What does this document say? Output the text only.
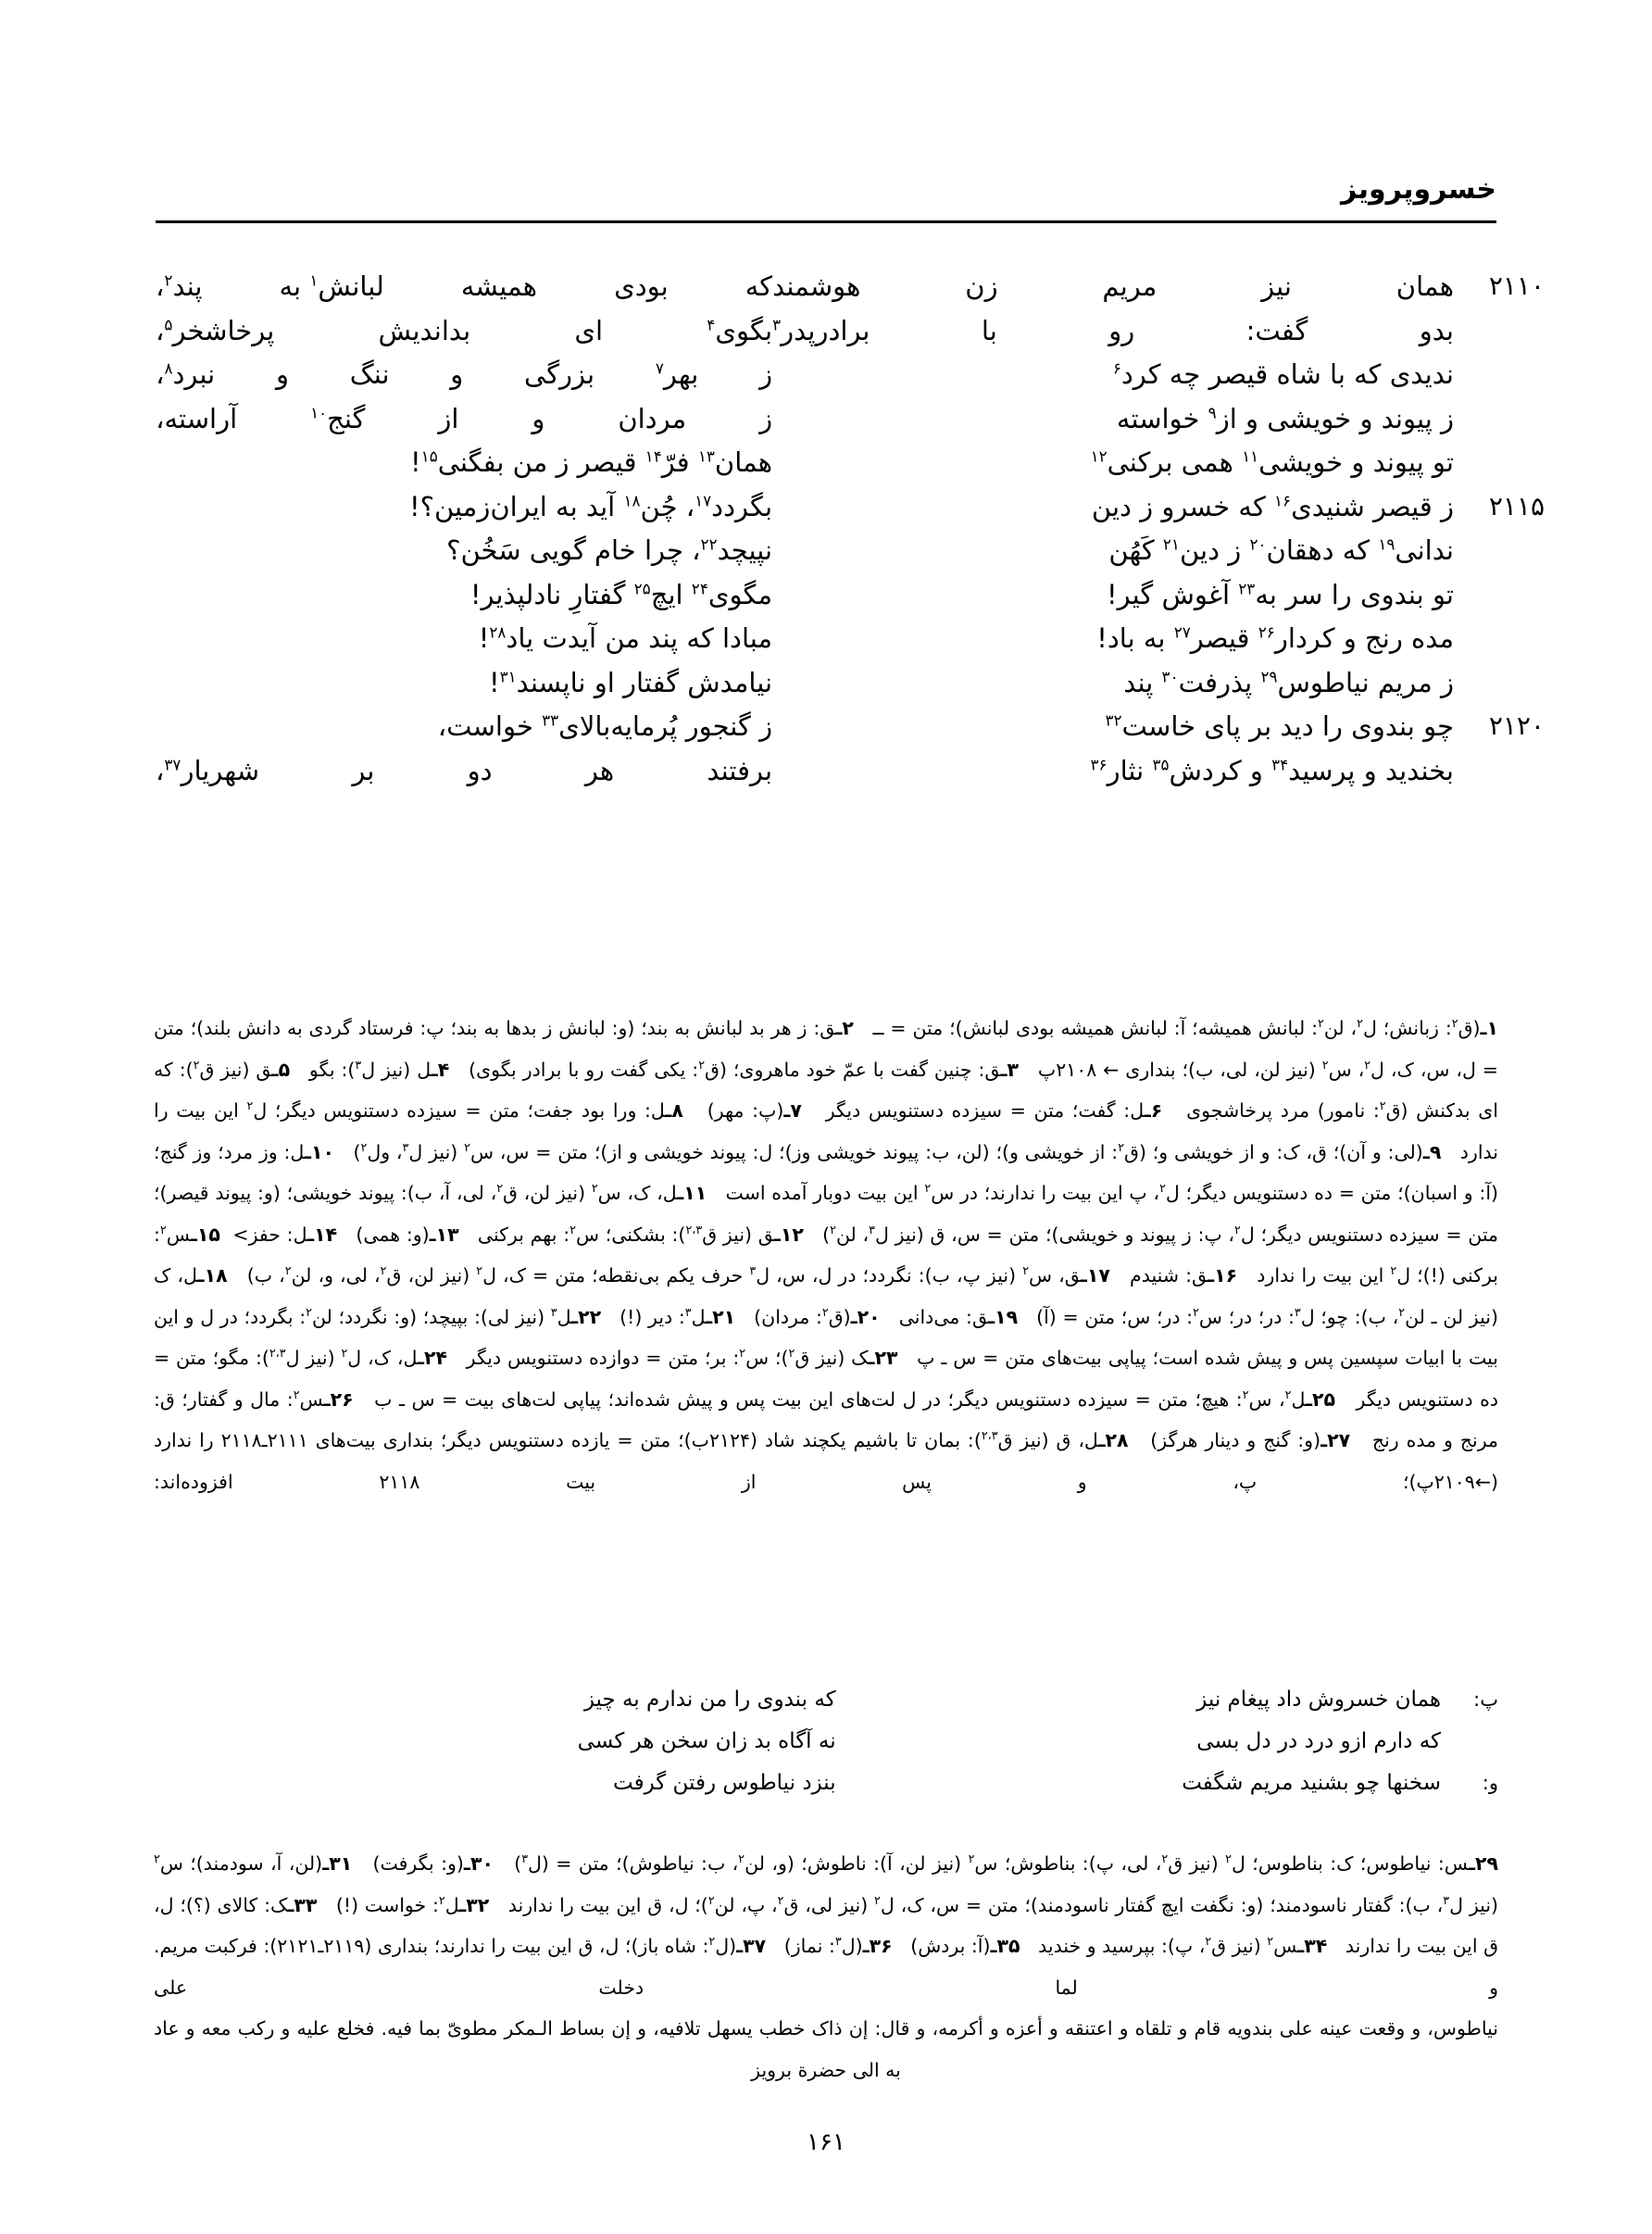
خسروپرویز
۲۱۱۰
همان
نیز
مریم
زن
هوشمند
که
بودی
همیشه
لبانش$^۱$ به
پند$^۲$،
بدو
گفت:
رو
با
برادرپدر$^۳$
بگوی$^۴$
ای
بداندیش
پرخاشخر$^۵$،
ندیدی که با شاه قیصر چه کرد$^۶$
ز
بهر$^۷$
بزرگی
و
ننگ
و
نبرد$^۸$،
ز پیوند و خویشی و از$^۹$ خواسته
ز
مردان
و
از
گنج$^{۱۰}$
آراسته،
تو پیوند و خویشی$^{۱۱}$ همی برکنی$^{۱۲}$
همان$^{۱۳}$ فرّ$^{۱۴}$ قیصر ز من بفگنی$^{۱۵}$!
۲۱۱۵
ز قیصر شنیدی$^{۱۶}$ که خسرو ز دین
بگردد$^{۱۷}$، چُن$^{۱۸}$ آید به ایران‌زمین؟!
ندانی$^{۱۹}$ که دهقان$^{۲۰}$ ز دین$^{۲۱}$ کَهُن
نپیچد$^{۲۲}$، چرا خام گویی سَخُن؟
تو بندوی را سر به$^{۲۳}$ آغوش گیر!
مگوی$^{۲۴}$ ایچ$^{۲۵}$ گفتارِ نادلپذیر!
مده رنج و کردار$^{۲۶}$ قیصر$^{۲۷}$ به باد!
مبادا که پند من آیدت یاد$^{۲۸}$!
ز مریم نیاطوس$^{۲۹}$ پذرفت$^{۳۰}$ پند
نیامدش گفتار او ناپسند$^{۳۱}$!
۲۱۲۰
چو بندوی را دید بر پای خاست$^{۳۲}$
ز گنجور پُرمایه‌بالای$^{۳۳}$ خواست،
بخندید و پرسید$^{۳۴}$ و کردش$^{۳۵}$ نثار$^{۳۶}$
برفتند
هر
دو
بر
شهریار$^{۳۷}$،

۱ـ(ق$^۲$: زبانش؛ ل$^۲$، لن$^۲$: لبانش همیشه؛ آ: لبانش همیشه بودی لبانش)؛ متن = ــ   ۲ـق: ز هر بد لبانش به بند؛ (و: لبانش ز بدها به بند؛ پ: فرستاد گردی به دانش بلند)؛ متن = ل، س، ک، ل$^۲$، س$^۲$ (نیز لن، لی، ب)؛ بنداری ← ۲۱۰۸پ   ۳ـق: چنین گفت با عمّ خود ماهروی؛ (ق$^۲$: یکی گفت رو با برادر بگوی)   ۴ـل (نیز ل$^۳$): بگو   ۵ـق (نیز ق$^۲$): که ای بدکنش (ق$^۲$: نامور) مرد پرخاشجوی   ۶ـل: گفت؛ متن = سیزده دستنویس دیگر   ۷ـ(پ: مهر)   ۸ـل: ورا بود جفت؛ متن = سیزده دستنویس دیگر؛ ل$^۲$ این بیت را ندارد   ۹ـ(لی: و آن)؛ ق، ک: و از خویشی و؛ (ق$^۲$: از خویشی و)؛ (لن، ب: پیوند خویشی وز)؛ ل: پیوند خویشی و از)؛ متن = س، س$^۲$ (نیز ل$^۳$، ول$^۲$)   ۱۰ـل: وز مرد؛ وز گنج؛ (آ: و اسبان)؛ متن = ده دستنویس دیگر؛ ل$^۲$، پ این بیت را ندارند؛ در س$^۲$ این بیت دوبار آمده است   ۱۱ـل، ک، س$^۲$ (نیز لن، ق$^۲$، لی، آ، ب): پیوند خویشی؛ (و: پیوند قیصر)؛ متن = سیزده دستنویس دیگر؛ ل$^۲$، پ: ز پیوند و خویشی)؛ متن = س، ق (نیز ل$^۳$، لن$^۲$)   ۱۲ـق (نیز ق$^{۲،۳}$): بشکنی؛ س$^۲$: بهم برکنی   ۱۳ـ(و: همی)   ۱۴ـل: حفز>  ۱۵ـس$^۲$: برکنی (!)؛ ل$^۲$ این بیت را ندارد   ۱۶ـق: شنیدم   ۱۷ـق، س$^۲$ (نیز پ، ب): نگردد؛ در ل، س، ل$^۳$ حرف یکم بی‌نقطه؛ متن = ک، ل$^۲$ (نیز لن، ق$^۲$، لی، و، لن$^۲$، ب)   ۱۸ـل، ک (نیز لن ـ لن$^۲$، ب): چو؛ ل$^۳$: در؛ در؛ س$^۲$: در؛ س؛ متن = (آ)   ۱۹ـق: می‌دانی   ۲۰ـ(ق$^۲$: مردان)   ۲۱ـل$^۳$: دیر (!)   ۲۲ـل$^۳$ (نیز لی): بپیچد؛ (و: نگردد؛ لن$^۲$: بگردد؛ در ل و این بیت با ابیات سپسین پس و پیش شده است؛ پیاپی بیت‌های متن = س ـ پ   ۲۳ـک (نیز ق$^۲$)؛ س$^۲$: بر؛ متن = دوازده دستنویس دیگر   ۲۴ـل، ک، ل$^۲$ (نیز ل$^{۲،۳}$): مگو؛ متن = ده دستنویس دیگر   ۲۵ـل$^۲$، س$^۲$: هیچ؛ متن = سیزده دستنویس دیگر؛ در ل لت‌های این بیت پس و پیش شده‌اند؛ پیاپی لت‌های بیت = س ـ ب   ۲۶ـس$^۲$: مال و گفتار؛ ق: مرنج و مده رنج   ۲۷ـ(و: گنج و دینار هرگز)   ۲۸ـل، ق (نیز ق$^{۲،۳}$): بمان تا باشیم یکچند شاد (۲۱۲۴ب)؛ متن = یازده دستنویس دیگر؛ بنداری بیت‌های ۲۱۱۱ـ۲۱۱۸ را ندارد (←۲۱۰۹پ)؛ پ، و پس از بیت ۲۱۱۸ افزوده‌اند:

پ:
همان خسروش داد پیغام نیز
که بندوی را من ندارم به چیز
که دارم ازو درد در دل بسی
نه آگاه بد زان سخن هر کسی
و:
سخنها چو بشنید مریم شگفت
بنزد نیاطوس رفتن گرفت

۲۹ـس: نیاطوس؛ ک: بناطوس؛ ل$^۲$ (نیز ق$^۲$، لی، پ): بناطوش؛ س$^۲$ (نیز لن، آ): ناطوش؛ (و، لن$^۲$، ب: نیاطوش)؛ متن = (ل$^۳$)   ۳۰ـ(و: بگرفت)   ۳۱ـ(لن، آ، سودمند)؛ س$^۲$ (نیز ل$^۳$، ب): گفتار ناسودمند؛ (و: نگفت ایچ گفتار ناسودمند)؛ متن = س، ک، ل$^۲$ (نیز لی، ق$^۲$، پ، لن$^۲$)؛ ل، ق این بیت را ندارند   ۳۲ـل$^۲$: خواست (!)   ۳۳ـک: کالای (؟)؛ ل، ق این بیت را ندارند   ۳۴ـس$^۲$ (نیز ق$^۲$، پ): بپرسید و خندید   ۳۵ـ(آ: بردش)   ۳۶ـ(ل$^۳$: نماز)   ۳۷ـ(ل$^۲$: شاه باز)؛ ل، ق این بیت را ندارند؛ بنداری (۲۱۱۹ـ۲۱۲۱): فرکبت مریم. و لما دخلت علی

نیاطوس، و وقعت عینه علی بندویه قام و تلقاه و اعتنقه و أعزه و أکرمه، و قال: إن ذاک خطب یسهل تلافیه، و إن بساط الـمکر مطویّ بما فیه. فخلع علیه و رکب معه و عاد به الی حضرة برویز

۱۶۱
